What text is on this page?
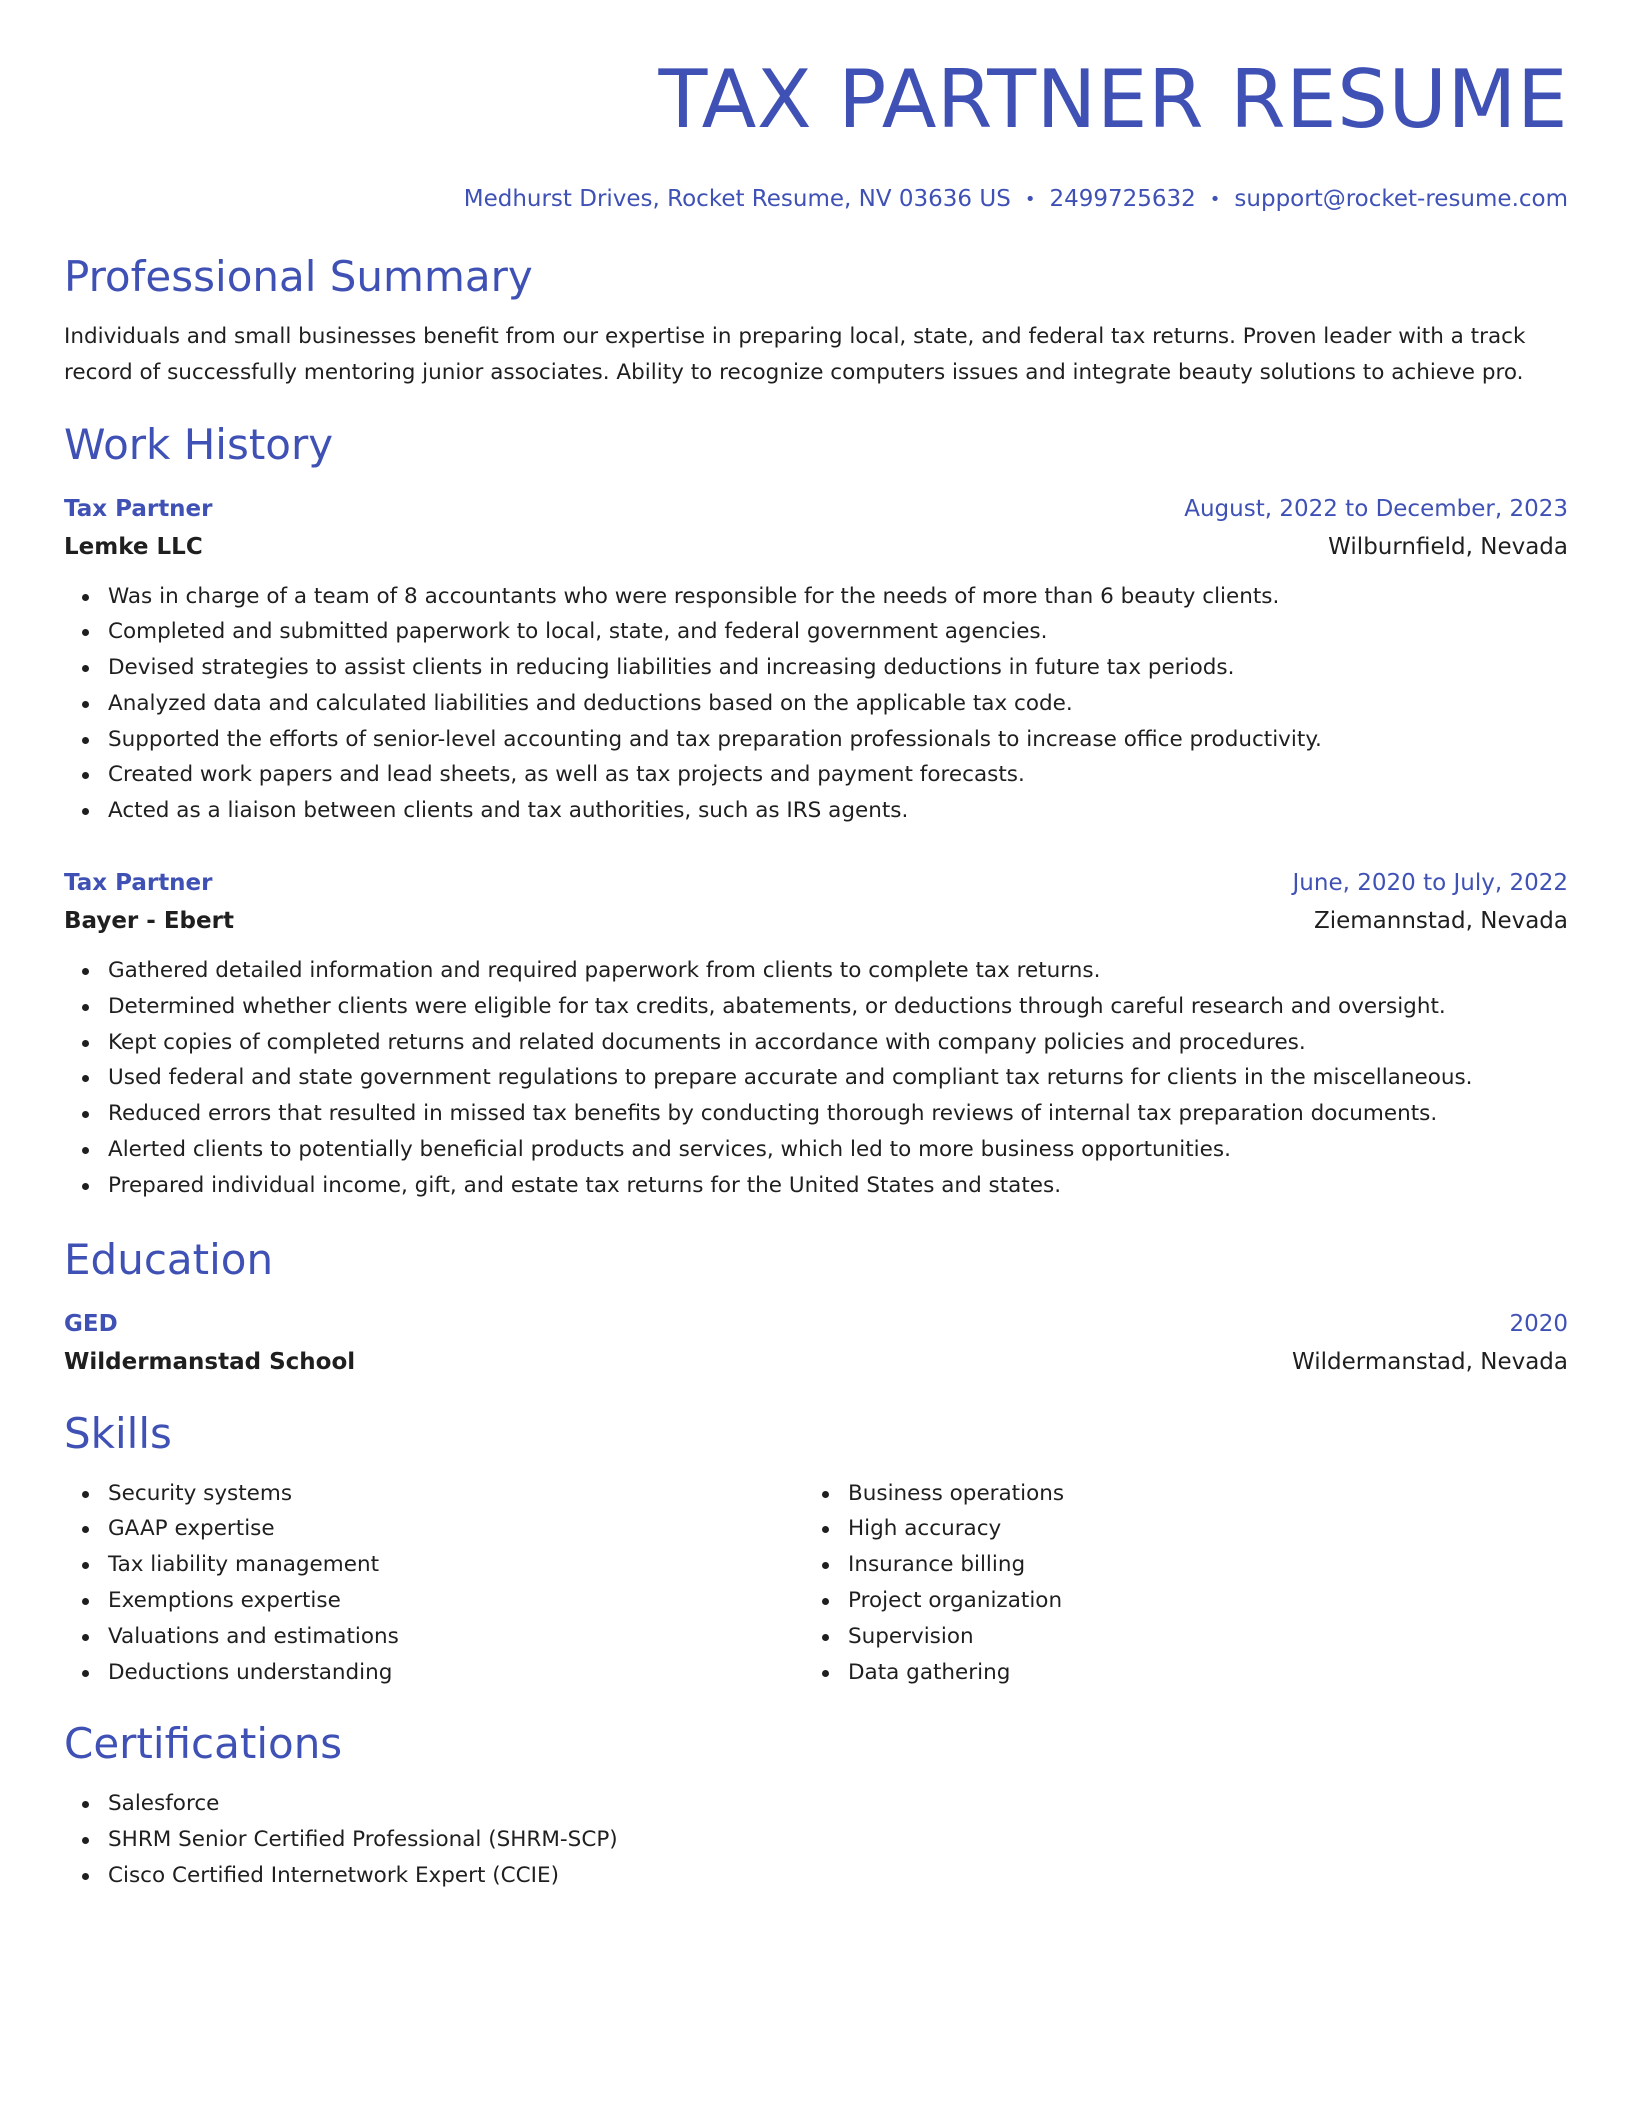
TAX PARTNER RESUME
Medhurst Drives, Rocket Resume, NV 03636 US • 2499725632 • support@rocket-resume.com
Professional Summary

Individuals and small businesses benefit from our expertise in preparing local, state, and federal tax returns. Proven leader with a track record of successfully mentoring junior associates. Ability to recognize computers issues and integrate beauty solutions to achieve pro.

Work History
Tax Partner	August, 2022 to December, 2023
Lemke LLC	Wilburnfield, Nevada
Was in charge of a team of 8 accountants who were responsible for the needs of more than 6 beauty clients.
Completed and submitted paperwork to local, state, and federal government agencies.
Devised strategies to assist clients in reducing liabilities and increasing deductions in future tax periods.
Analyzed data and calculated liabilities and deductions based on the applicable tax code.
Supported the efforts of senior-level accounting and tax preparation professionals to increase office productivity.
Created work papers and lead sheets, as well as tax projects and payment forecasts.
Acted as a liaison between clients and tax authorities, such as IRS agents.
Tax Partner	June, 2020 to July, 2022
Bayer - Ebert	Ziemannstad, Nevada
Gathered detailed information and required paperwork from clients to complete tax returns.
Determined whether clients were eligible for tax credits, abatements, or deductions through careful research and oversight.
Kept copies of completed returns and related documents in accordance with company policies and procedures.
Used federal and state government regulations to prepare accurate and compliant tax returns for clients in the miscellaneous.
Reduced errors that resulted in missed tax benefits by conducting thorough reviews of internal tax preparation documents.
Alerted clients to potentially beneficial products and services, which led to more business opportunities.
Prepared individual income, gift, and estate tax returns for the United States and states.
Education
GED	2020
Wildermanstad School	Wildermanstad, Nevada
Skills
Security systems
GAAP expertise
Tax liability management
Exemptions expertise
Valuations and estimations
Deductions understanding
Business operations
High accuracy
Insurance billing
Project organization
Supervision
Data gathering
Certifications
Salesforce
SHRM Senior Certified Professional (SHRM-SCP)
Cisco Certified Internetwork Expert (CCIE)
